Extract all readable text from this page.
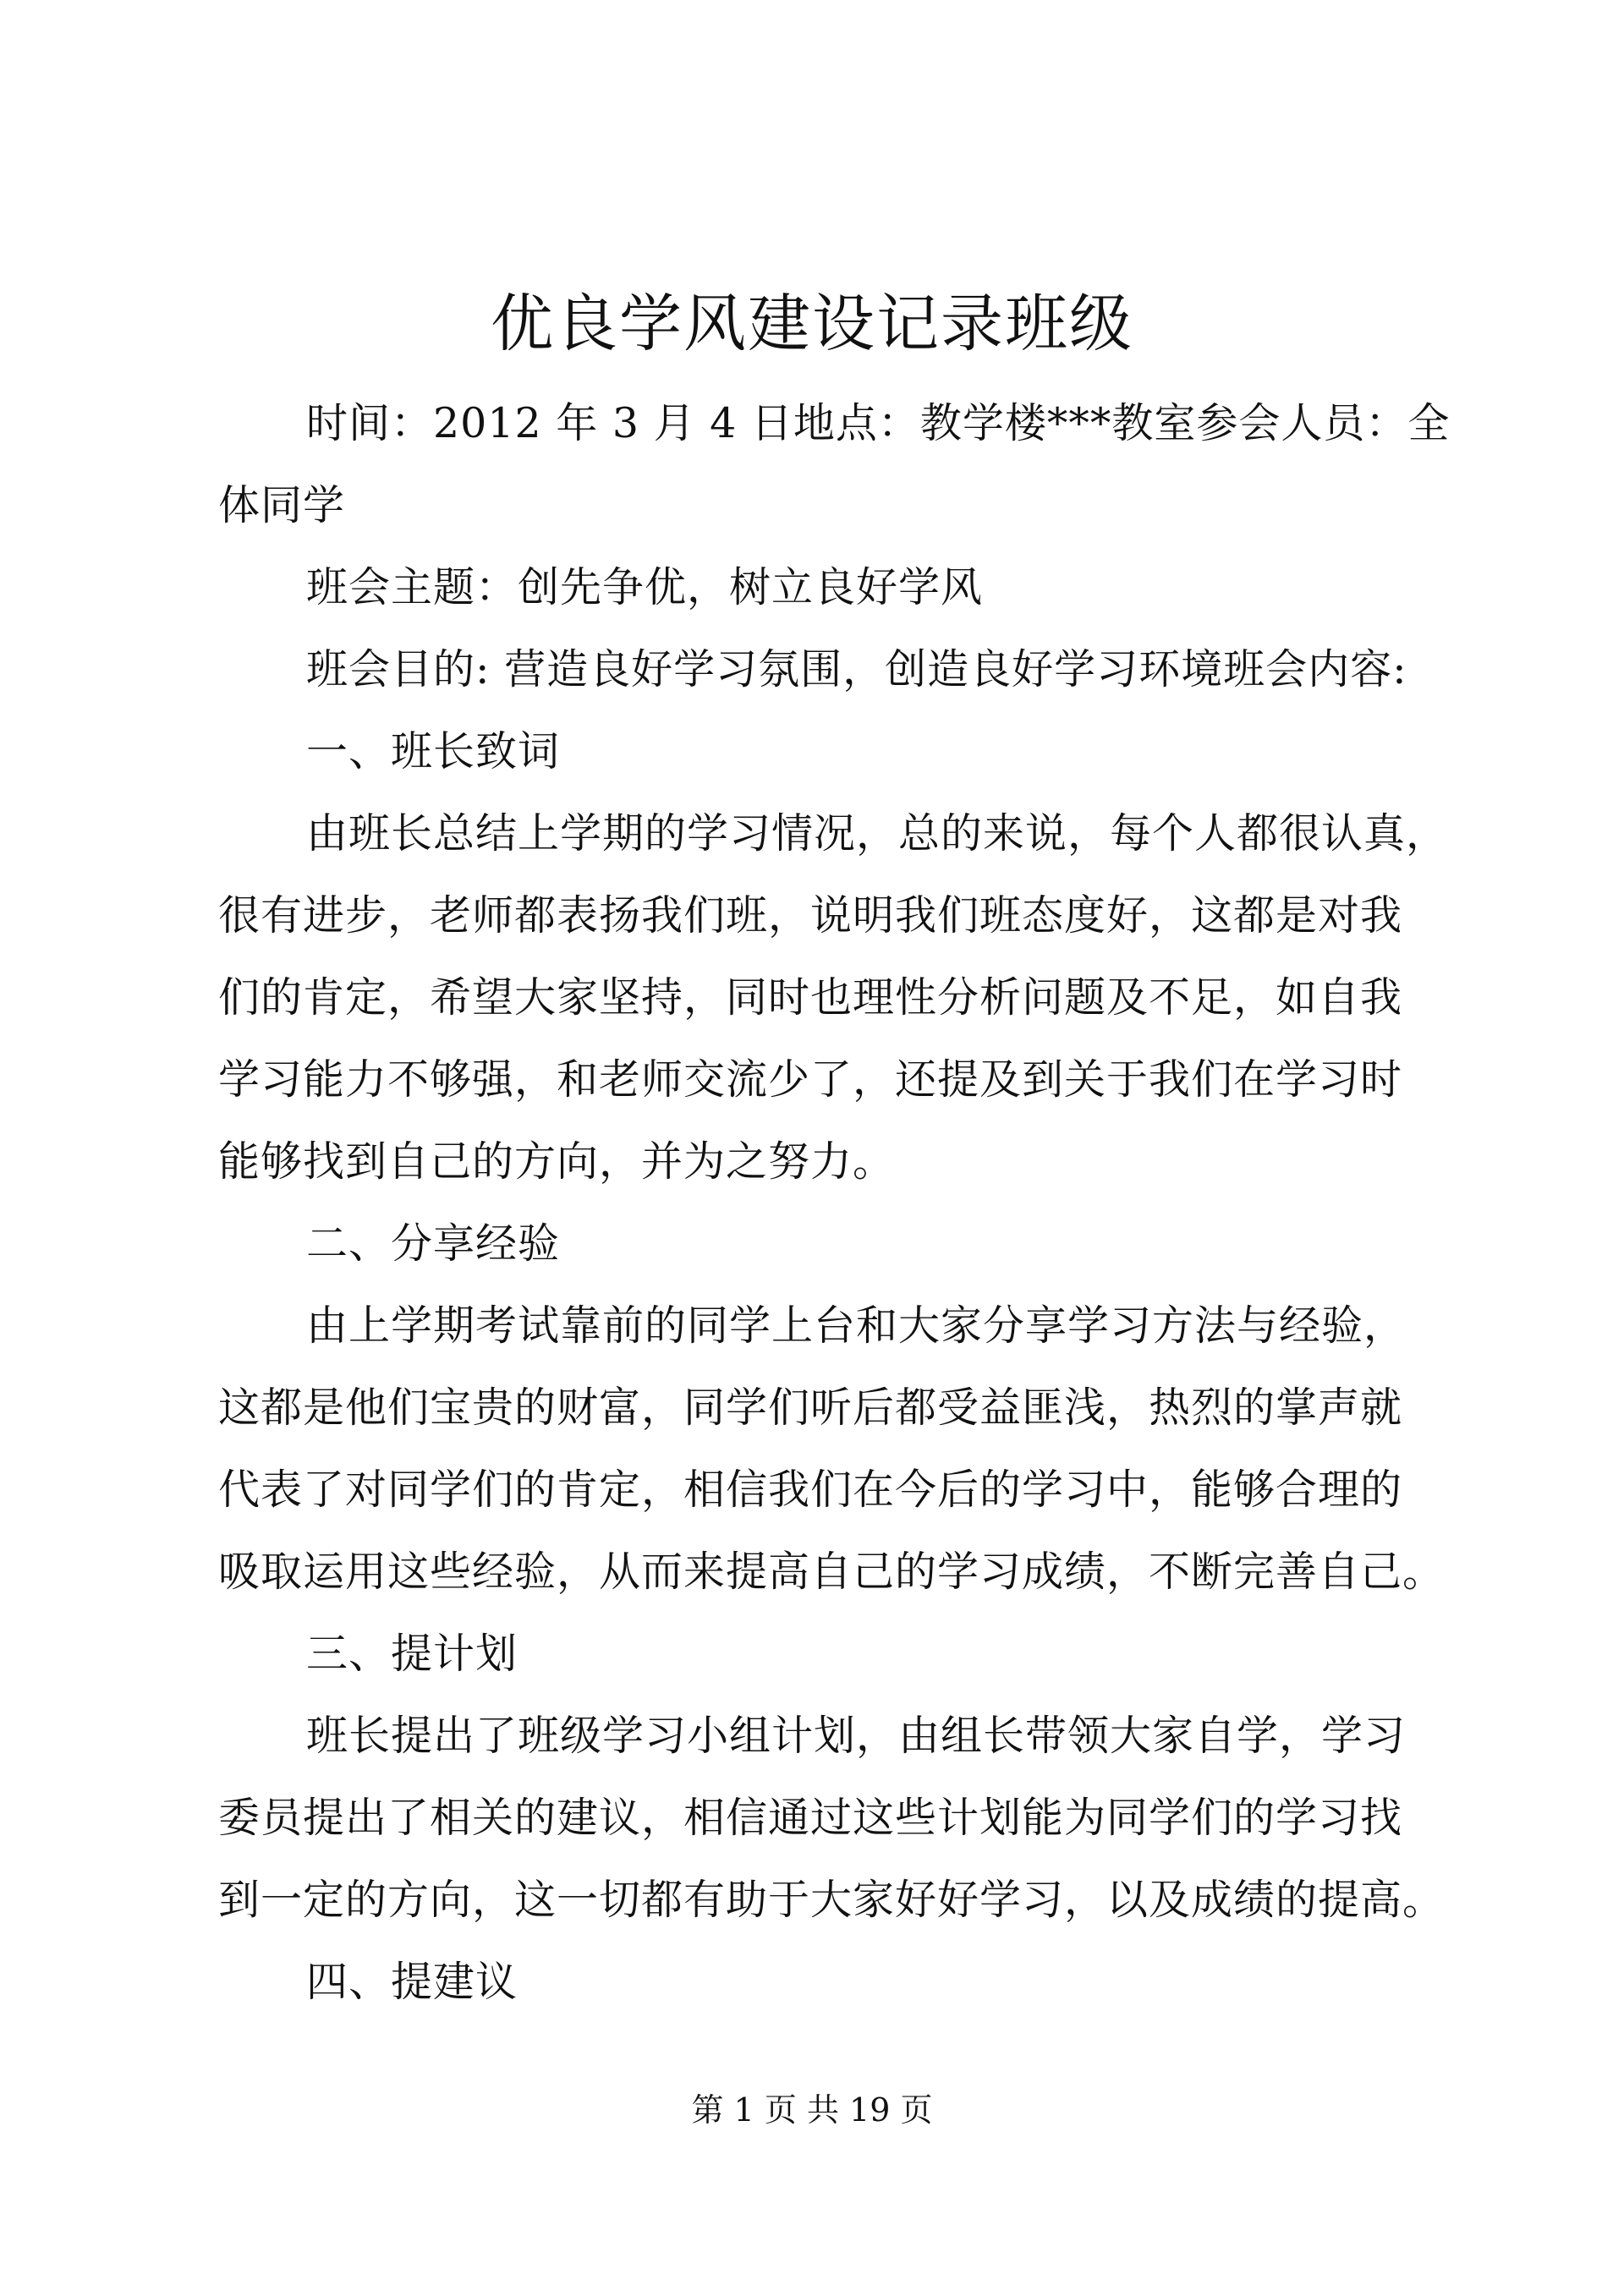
优良学风建设记录班级
时间：2012 年 3 月 4 日地点：教学楼***教室参会人员：全
体同学
班会主题：创先争优，树立良好学风
班会目的: 营造良好学习氛围，创造良好学习环境班会内容:
一、班长致词
由班长总结上学期的学习情况，总的来说，每个人都很认真，
很有进步，老师都表扬我们班，说明我们班态度好，这都是对我
们的肯定，希望大家坚持，同时也理性分析问题及不足，如自我
学习能力不够强，和老师交流少了，还提及到关于我们在学习时
能够找到自己的方向，并为之努力。
二、分享经验
由上学期考试靠前的同学上台和大家分享学习方法与经验，
这都是他们宝贵的财富，同学们听后都受益匪浅，热烈的掌声就
代表了对同学们的肯定，相信我们在今后的学习中，能够合理的
吸取运用这些经验，从而来提高自己的学习成绩，不断完善自己。
三、提计划
班长提出了班级学习小组计划，由组长带领大家自学，学习
委员提出了相关的建议，相信通过这些计划能为同学们的学习找
到一定的方向，这一切都有助于大家好好学习，以及成绩的提高。
四、提建议
第 1 页 共 19 页
